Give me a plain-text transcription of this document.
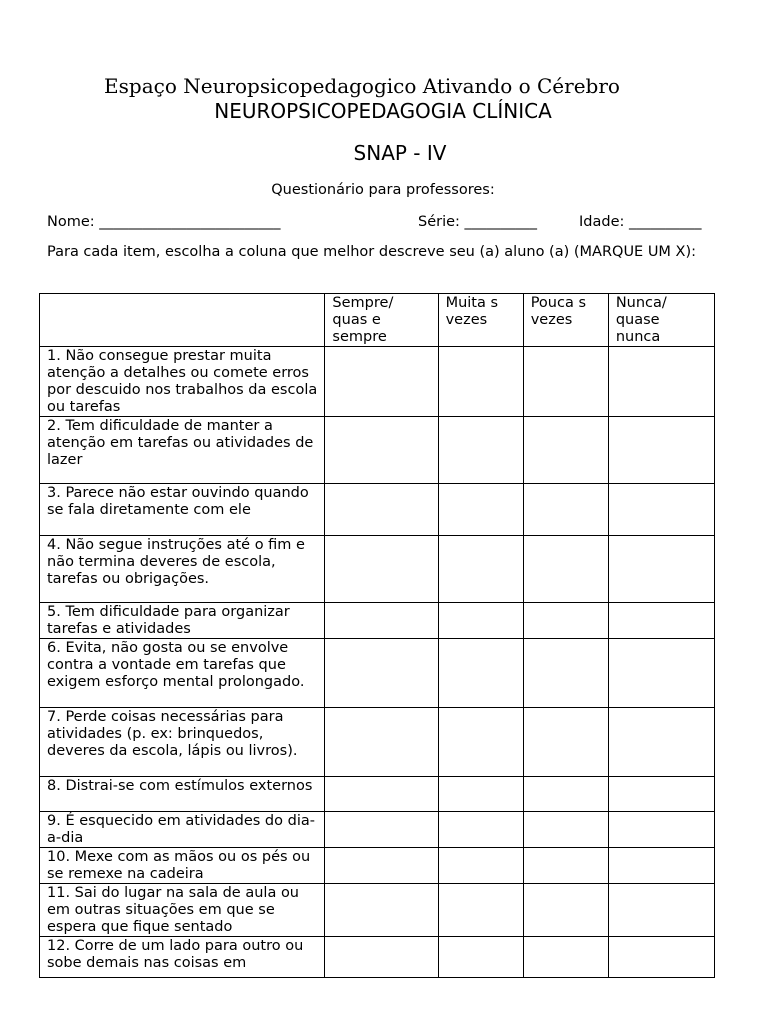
Espaço Neuropsicopedagogico Ativando o Cérebro
NEUROPSICOPEDAGOGIA CLÍNICA
SNAP - IV
Questionário para professores:
Nome: _________________________	Série: __________	Idade: __________
Para cada item, escolha a coluna que melhor descreve seu (a) aluno (a) (MARQUE UM X):
	Sempre/ quas e sempre	Muita s vezes	Pouca s vezes	Nunca/ quase nunca
1. Não consegue prestar muita atenção a detalhes ou comete erros por descuido nos trabalhos da escola ou tarefas				
2. Tem dificuldade de manter a atenção em tarefas ou atividades de lazer				
3. Parece não estar ouvindo quando se fala diretamente com ele				
4. Não segue instruções até o fim e não termina deveres de escola, tarefas ou obrigações.				
5. Tem dificuldade para organizar tarefas e atividades				
6. Evita, não gosta ou se envolve contra a vontade em tarefas que exigem esforço mental prolongado.				
7. Perde coisas necessárias para atividades (p. ex: brinquedos, deveres da escola, lápis ou livros).				
8. Distrai-se com estímulos externos				
9. É esquecido em atividades do dia-a-dia				
10. Mexe com as mãos ou os pés ou se remexe na cadeira				
11. Sai do lugar na sala de aula ou em outras situações em que se espera que fique sentado				
12. Corre de um lado para outro ou sobe demais nas coisas em				
